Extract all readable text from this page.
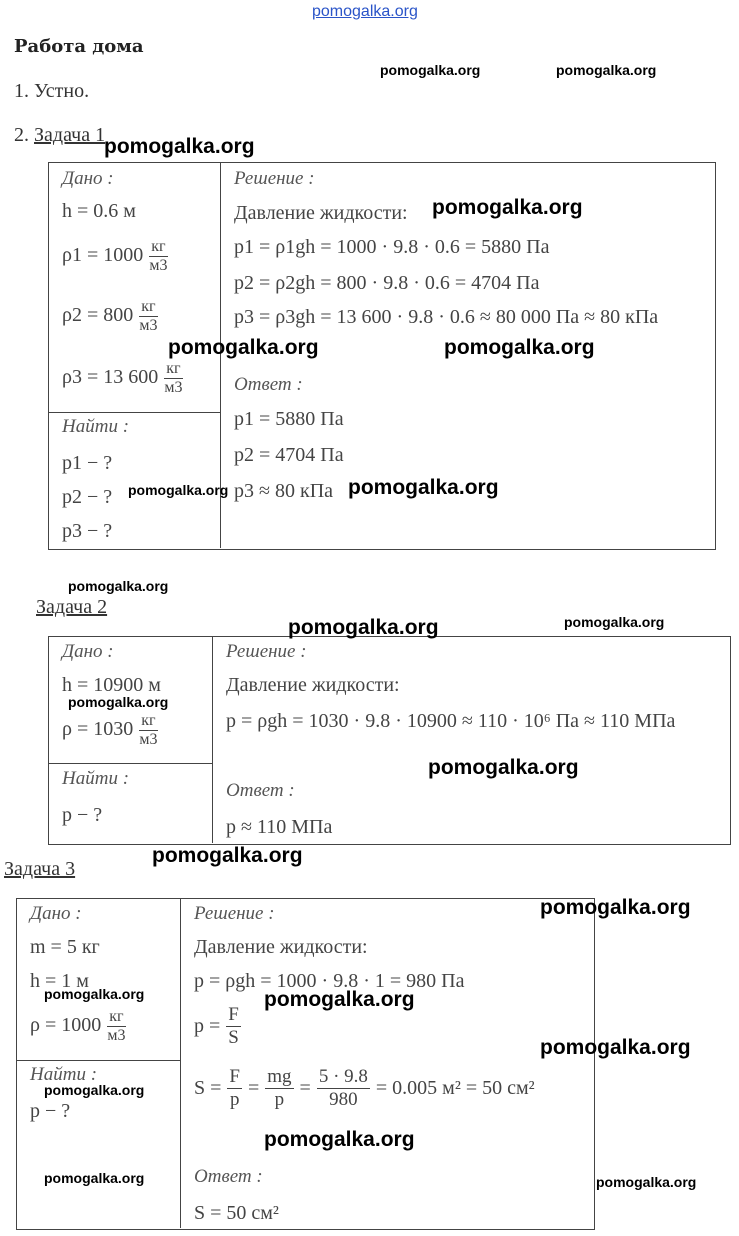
pomogalka.org
Работа дома
1. Устно.
2. Задача 1
Дано :
h = 0.6 м
$\rho 1 = 1000 \frac{кг}{м3}$
$\rho 2 = 800 \frac{кг}{м3}$
ρ3 = 13 $600 \frac{кг}{м3}$
Найти :
p1 − ?
p2 − ?
p3 − ?
Решение :
Давление жидкости:
p1 = ρ1gh = 1000 · 9.8 · 0.6 = 5880 Па
p2 = ρ2gh = 800 · 9.8 · 0.6 = 4704 Па
p3 = ρ3gh = 13 600 · 9.8 · 0.6 ≈ 80 000 Па ≈ 80 кПа
Ответ :
p1 = 5880 Па
p2 = 4704 Па
p3 ≈ 80 кПа
Задача 2
Дано :
h = 10900 м
$\rho = 1030 \frac{кг}{м3}$
Найти :
p − ?
Решение :
Давление жидкости:
p = ρgh = 1030 · 9.8 · 10900 ≈ 110 · 10⁶ Па ≈ 110 МПа
Ответ :
p ≈ 110 МПа
Задача 3
Дано :
m = 5 кг
h = 1 м
$\rho = 1000 \frac{кг}{м3}$
Найти :
p − ?
Решение :
Давление жидкости:
p = ρgh = 1000 · 9.8 · 1 = 980 Па
$p = \frac{F}{S}$
$S = \frac{F}{p} = \frac{mg}{p} = \frac{5 \cdot 9.8}{980} = 0.005$ м² = 50 см²
Ответ :
S = 50 см²
pomogalka.org	pomogalka.org
pomogalka.org
pomogalka.org
pomogalka.org	pomogalka.org
pomogalka.org	pomogalka.org
pomogalka.org
pomogalka.org
pomogalka.org
pomogalka.org
pomogalka.org
pomogalka.org
pomogalka.org
pomogalka.org	pomogalka.org
pomogalka.org
pomogalka.org
pomogalka.org
pomogalka.org	pomogalka.org
